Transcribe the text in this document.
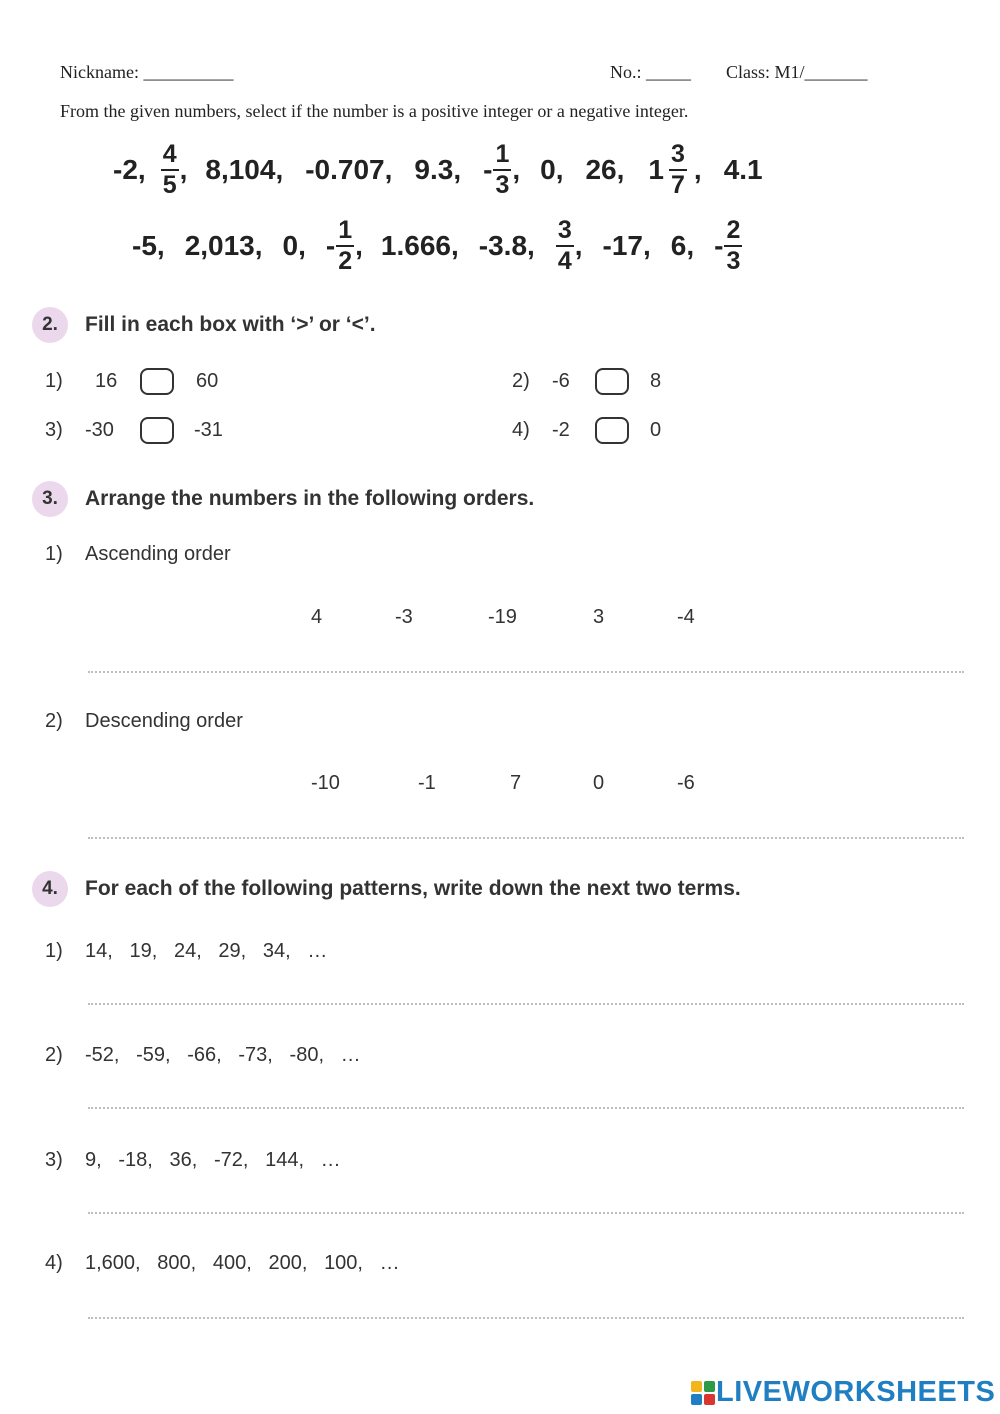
Nickname: __________	No.: _____ Class: M1/_______
From the given numbers, select if the number is a positive integer or a negative integer.
-2, $\frac{4}{5}$ , 8,104, -0.707, 9.3, - $\frac{1}{3}$ , 0, 26, $1 \frac{3}{7}$ , 4.1
-5, 2,013, 0, - $\frac{1}{2}$ , 1.666, -3.8, $\frac{3}{4}$ , -17, 6, - $\frac{2}{3}$
2.	Fill in each box with ‘>’ or ‘<’.
1) 16	60	2) -6	8
3) -30	-31	4) -2	0
3.	Arrange the numbers in the following orders.
1) Ascending order
4	-3	-19	3	-4
2) Descending order
-10	-1	7	0	-6
4.	For each of the following patterns, write down the next two terms.
1) 14,   19,   24,   29,   34,   …
2) -52,   -59,   -66,   -73,   -80,   …
3) 9,   -18,   36,   -72,   144,   …
4) 1,600,   800,   400,   200,   100,   …
LIVEWORKSHEETS
